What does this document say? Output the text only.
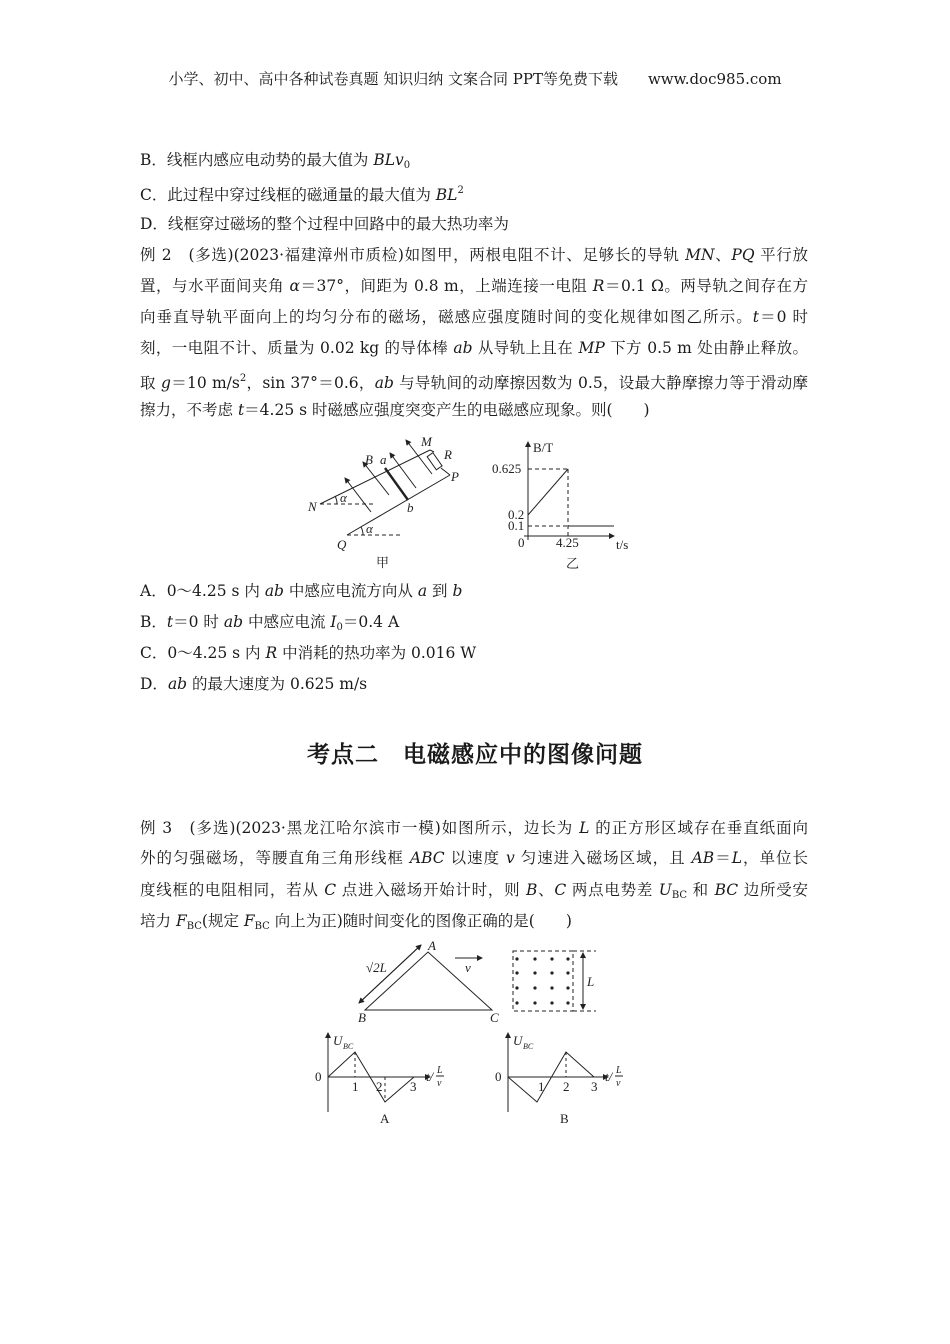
小学、初中、高中各种试卷真题 知识归纳 文案合同 PPT等免费下载　　www.doc985.com
B．线框内感应电动势的最大值为 BLv$_0$
C．此过程中穿过线框的磁通量的最大值为 $BL^2$
D．线框穿过磁场的整个过程中回路中的最大热功率为
例 2　(多选)(2023·福建漳州市质检)如图甲，两根电阻不计、足够长的导轨 MN、PQ 平行放
置，与水平面间夹角 α＝37°，间距为 0.8 m，上端连接一电阻 R＝0.1 Ω。两导轨之间存在方
向垂直导轨平面向上的均匀分布的磁场，磁感应强度随时间的变化规律如图乙所示。t＝0 时
刻，一电阻不计、质量为 0.02 kg 的导体棒 ab 从导轨上且在 MP 下方 0.5 m 处由静止释放。
取 g＝10 $m/s^2$，sin 37°＝0.6，ab 与导轨间的动摩擦因数为 0.5，设最大静摩擦力等于滑动摩
擦力，不考虑 t＝4.25 s 时磁感应强度突变产生的电磁感应现象。则(　　)
A．0～4.25 s 内 ab 中感应电流方向从 a 到 b
B．t＝0 时 ab 中感应电流 $I_0=0.4$ A
C．0～4.25 s 内 R 中消耗的热功率为 0.016 W
D．ab 的最大速度为 0.625 m/s
考点二　电磁感应中的图像问题
例 3　(多选)(2023·黑龙江哈尔滨市一模)如图所示，边长为 L 的正方形区域存在垂直纸面向
外的匀强磁场，等腰直角三角形线框 ABC 以速度 v 匀速进入磁场区域，且 AB＝L，单位长
度线框的电阻相同，若从 C 点进入磁场开始计时，则 B、C 两点电势差 $U_{BC}$ 和 BC 边所受安
培力 $F_{BC}$(规定 $F_{BC}$ 向上为正)随时间变化的图像正确的是(　　)
N
M
R
P
Q
B a
b
α
α
甲
B/T
0.625
0.2
0.1
0 4.25	t/s
乙
A
B	C
√2L	v
L
U BC
0
1 2 3
t/ L
v
A
U BC
0
1 2 3
t/ L
v
B
